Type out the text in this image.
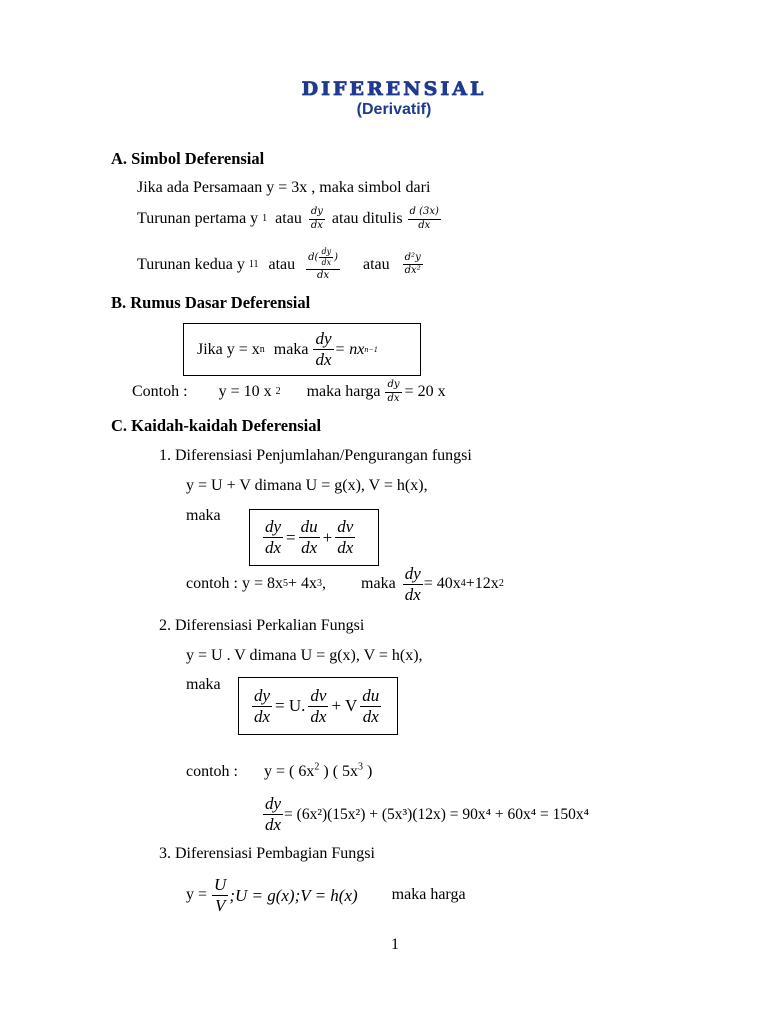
DIFERENSIAL
(Derivatif)
A. Simbol Deferensial
Jika ada Persamaan y = 3x , maka simbol dari
Turunan pertama y
1 atau $\frac{dy}{dx}$ atau ditulis $\frac{d (3x)}{dx}$
Turunan kedua y
11 atau $\frac{d( \frac{dy}{dx} )}{dx}$ atau $\frac{\text{d²y}}{\text{dx²}}$
B. Rumus Dasar Deferensial
Jika y = x n maka $\frac{dy}{dx}$ = nx n−1
Contoh : y = 10 x
2 maka harga $\frac{dy}{dx} = 20$ x
C. Kaidah-kaidah Deferensial
1. Diferensiasi Penjumlahan/Pengurangan fungsi
y = U + V dimana U = g(x), V = h(x),
maka
$\frac{dy}{dx} = \frac{du}{dx} + \frac{dv}{dx}$
contoh : y = 8x 5 + 4x 3 , maka $\frac{dy}{dx} = 40x$ 4 +12x 2
2. Diferensiasi Perkalian Fungsi
y = U . V dimana U = g(x), V = h(x),
maka
$\frac{dy}{dx} = U$. $\frac{dv}{dx} + V \frac{du}{dx}$
contoh : y = ( $6x^2$ ) ( $5x^3$ )
$\frac{dy}{dx} = (6x^2)(15x^2) + (5x^3)(12x) = 90x^4 + 60x^4 = 150x^4$
3. Diferensiasi Pembagian Fungsi
$y = \frac{U}{V}$ ;U = g(x);V = h(x) maka harga
1
